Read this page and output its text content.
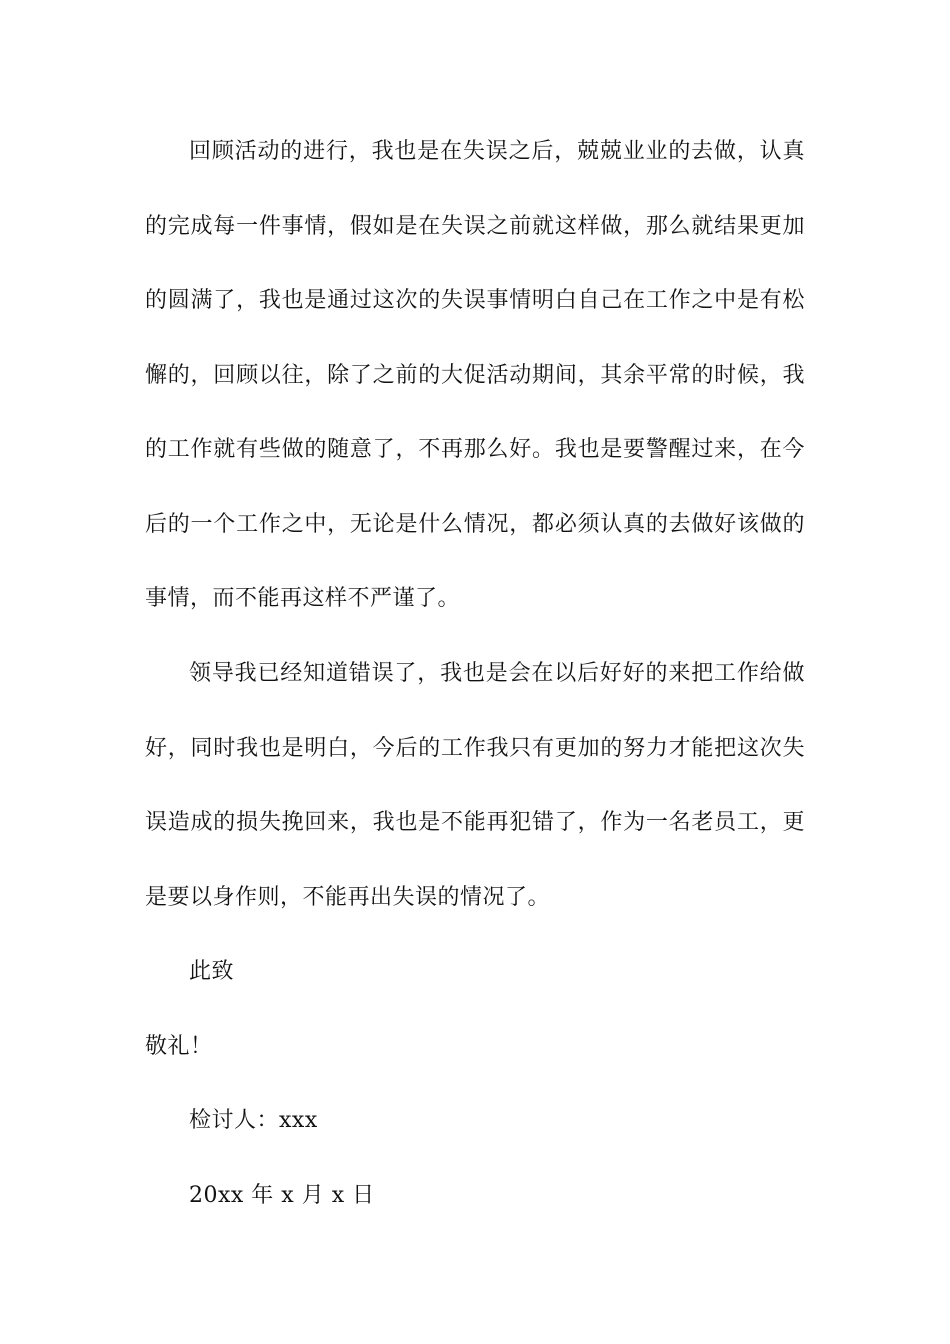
回顾活动的进行，我也是在失误之后，兢兢业业的去做，认真
的完成每一件事情，假如是在失误之前就这样做，那么就结果更加
的圆满了，我也是通过这次的失误事情明白自己在工作之中是有松
懈的，回顾以往，除了之前的大促活动期间，其余平常的时候，我
的工作就有些做的随意了，不再那么好。我也是要警醒过来，在今
后的一个工作之中，无论是什么情况，都必须认真的去做好该做的
事情，而不能再这样不严谨了。
领导我已经知道错误了，我也是会在以后好好的来把工作给做
好，同时我也是明白，今后的工作我只有更加的努力才能把这次失
误造成的损失挽回来，我也是不能再犯错了，作为一名老员工，更
是要以身作则，不能再出失误的情况了。
此致
敬礼！
检讨人：xxx
20xx 年 x 月 x 日
